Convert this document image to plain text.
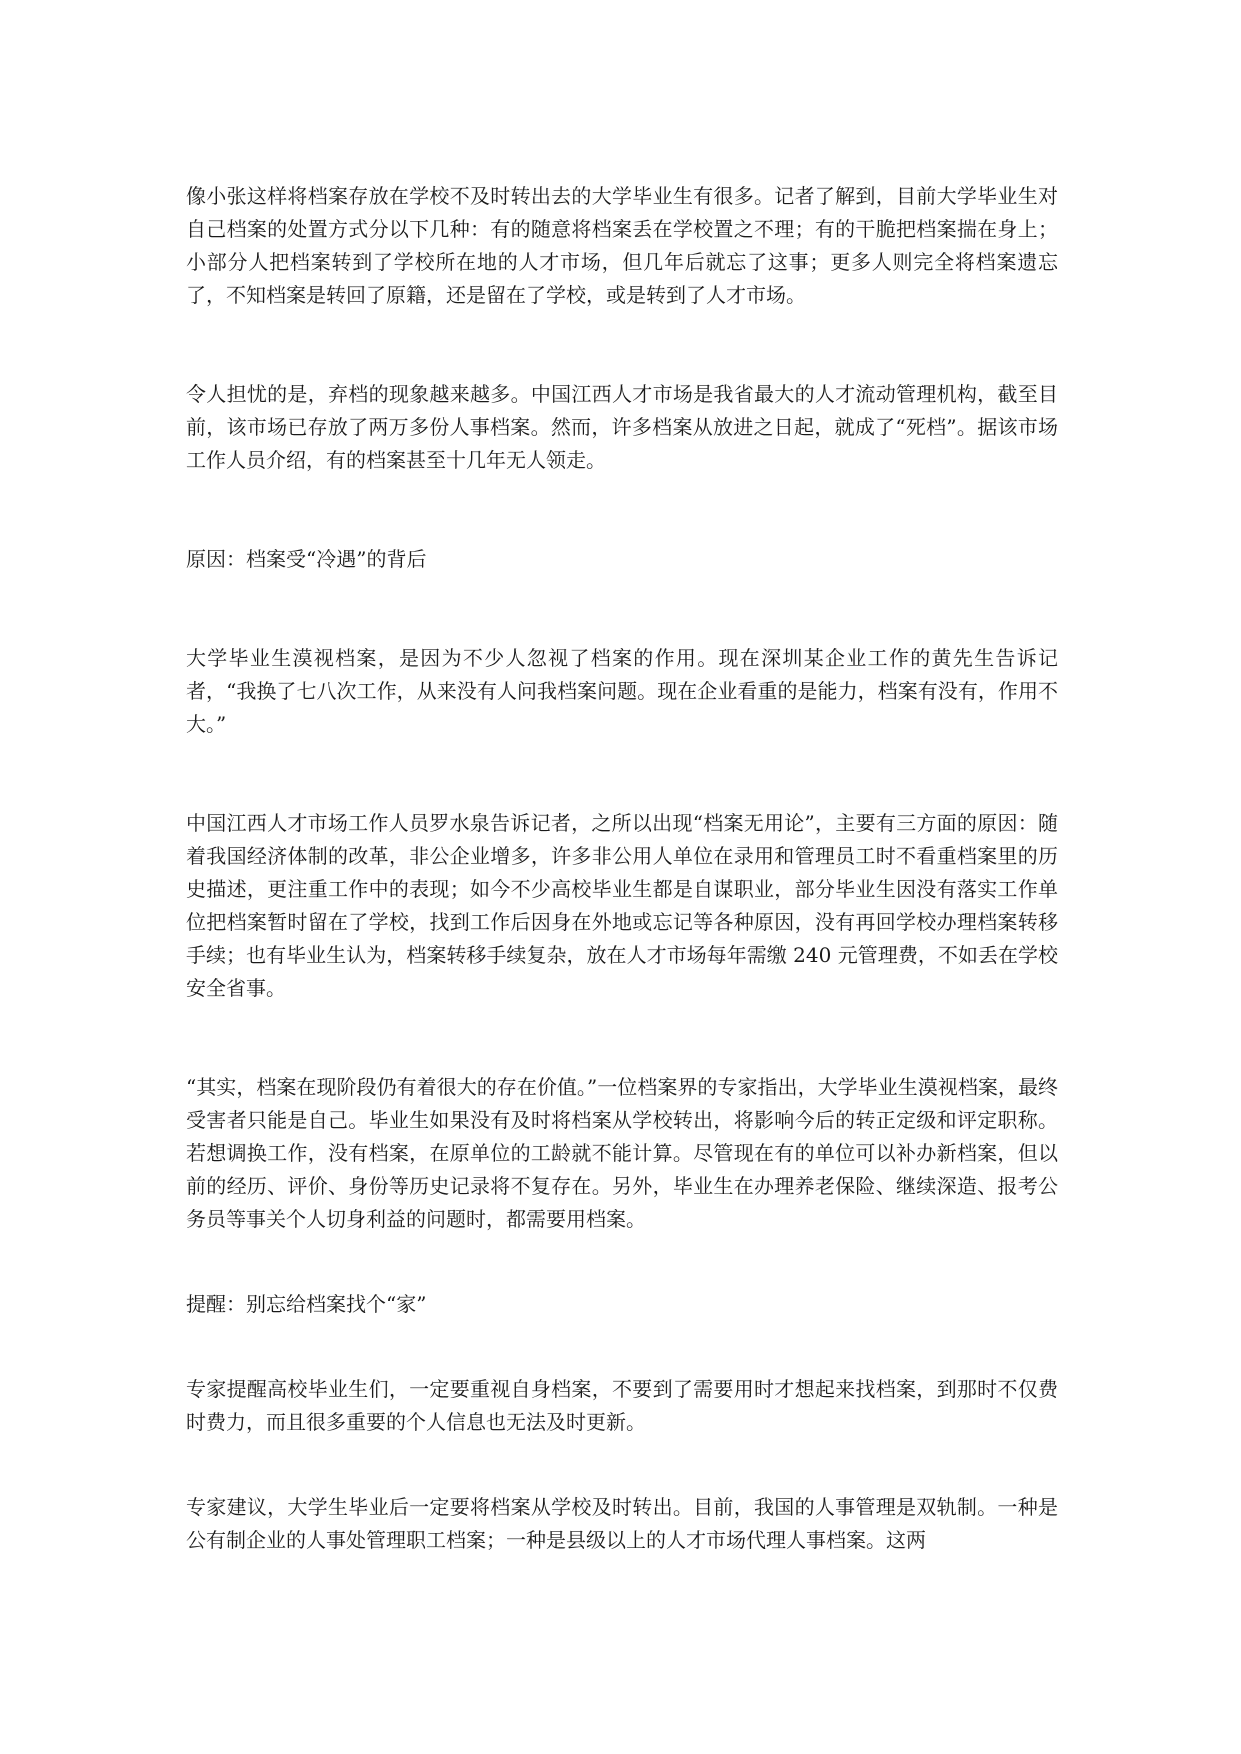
像小张这样将档案存放在学校不及时转出去的大学毕业生有很多。记者了解到，目前大学毕业生对自己档案的处置方式分以下几种：有的随意将档案丢在学校置之不理；有的干脆把档案揣在身上；小部分人把档案转到了学校所在地的人才市场，但几年后就忘了这事；更多人则完全将档案遗忘了，不知档案是转回了原籍，还是留在了学校，或是转到了人才市场。

令人担忧的是，弃档的现象越来越多。中国江西人才市场是我省最大的人才流动管理机构，截至目前，该市场已存放了两万多份人事档案。然而，许多档案从放进之日起，就成了“死档”。据该市场工作人员介绍，有的档案甚至十几年无人领走。

原因：档案受“冷遇”的背后

大学毕业生漠视档案，是因为不少人忽视了档案的作用。现在深圳某企业工作的黄先生告诉记者，“我换了七八次工作，从来没有人问我档案问题。现在企业看重的是能力，档案有没有，作用不大。”

中国江西人才市场工作人员罗水泉告诉记者，之所以出现“档案无用论”，主要有三方面的原因：随着我国经济体制的改革，非公企业增多，许多非公用人单位在录用和管理员工时不看重档案里的历史描述，更注重工作中的表现；如今不少高校毕业生都是自谋职业，部分毕业生因没有落实工作单位把档案暂时留在了学校，找到工作后因身在外地或忘记等各种原因，没有再回学校办理档案转移手续；也有毕业生认为，档案转移手续复杂，放在人才市场每年需缴 240 元管理费，不如丢在学校安全省事。

“其实，档案在现阶段仍有着很大的存在价值。”一位档案界的专家指出，大学毕业生漠视档案，最终受害者只能是自己。毕业生如果没有及时将档案从学校转出，将影响今后的转正定级和评定职称。若想调换工作，没有档案，在原单位的工龄就不能计算。尽管现在有的单位可以补办新档案，但以前的经历、评价、身份等历史记录将不复存在。另外，毕业生在办理养老保险、继续深造、报考公务员等事关个人切身利益的问题时，都需要用档案。

提醒：别忘给档案找个“家”

专家提醒高校毕业生们，一定要重视自身档案，不要到了需要用时才想起来找档案，到那时不仅费时费力，而且很多重要的个人信息也无法及时更新。

专家建议，大学生毕业后一定要将档案从学校及时转出。目前，我国的人事管理是双轨制。一种是公有制企业的人事处管理职工档案；一种是县级以上的人才市场代理人事档案。这两
